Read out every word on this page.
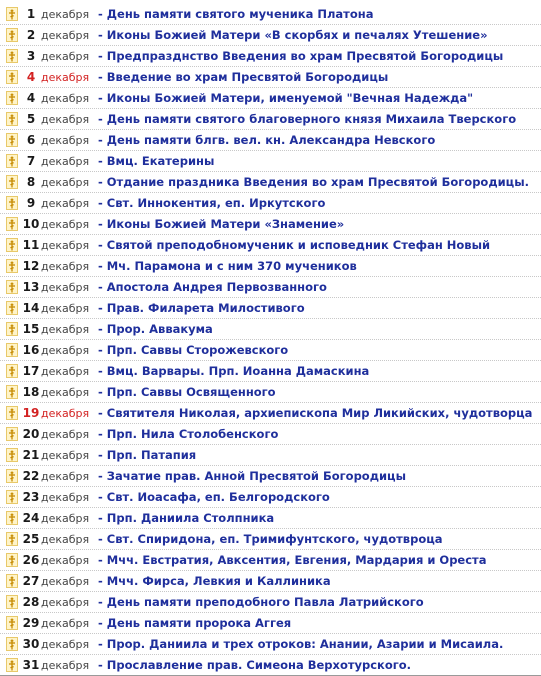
1 декабря - День памяти святого мученика Платона
2 декабря - Иконы Божией Матери «В скорбях и печалях Утешение»
3 декабря - Предпразднство Введения во храм Пресвятой Богородицы
4 декабря - Введение во храм Пресвятой Богородицы
4 декабря - Иконы Божией Матери, именуемой "Вечная Надежда"
5 декабря - День памяти святого благоверного князя Михаила Тверского
6 декабря - День памяти блгв. вел. кн. Александра Невского
7 декабря - Вмц. Екатерины
8 декабря - Отдание праздника Введения во храм Пресвятой Богородицы.
9 декабря - Свт. Иннокентия, еп. Иркутского
10 декабря - Иконы Божией Матери «Знамение»
11 декабря - Святой преподобномученик и исповедник Стефан Новый
12 декабря - Мч. Парамона и с ним 370 мучеников
13 декабря - Апостола Андрея Первозванного
14 декабря - Прав. Филарета Милостивого
15 декабря - Прор. Аввакума
16 декабря - Прп. Саввы Сторожевского
17 декабря - Вмц. Варвары. Прп. Иоанна Дамаскина
18 декабря - Прп. Саввы Освященного
19 декабря - Святителя Николая, архиепископа Мир Ликийских, чудотворца
20 декабря - Прп. Нила Столобенского
21 декабря - Прп. Патапия
22 декабря - Зачатие прав. Анной Пресвятой Богородицы
23 декабря - Свт. Иоасафа, еп. Белгородского
24 декабря - Прп. Даниила Столпника
25 декабря - Свт. Спиридона, еп. Тримифунтского, чудотвроца
26 декабря - Мчч. Евстратия, Авксентия, Евгения, Мардария и Ореста
27 декабря - Мчч. Фирса, Левкия и Каллиника
28 декабря - День памяти преподобного Павла Латрийского
29 декабря - День памяти пророка Аггея
30 декабря - Прор. Даниила и трех отроков: Анании, Азарии и Мисаила.
31 декабря - Прославление прав. Симеона Верхотурского.
